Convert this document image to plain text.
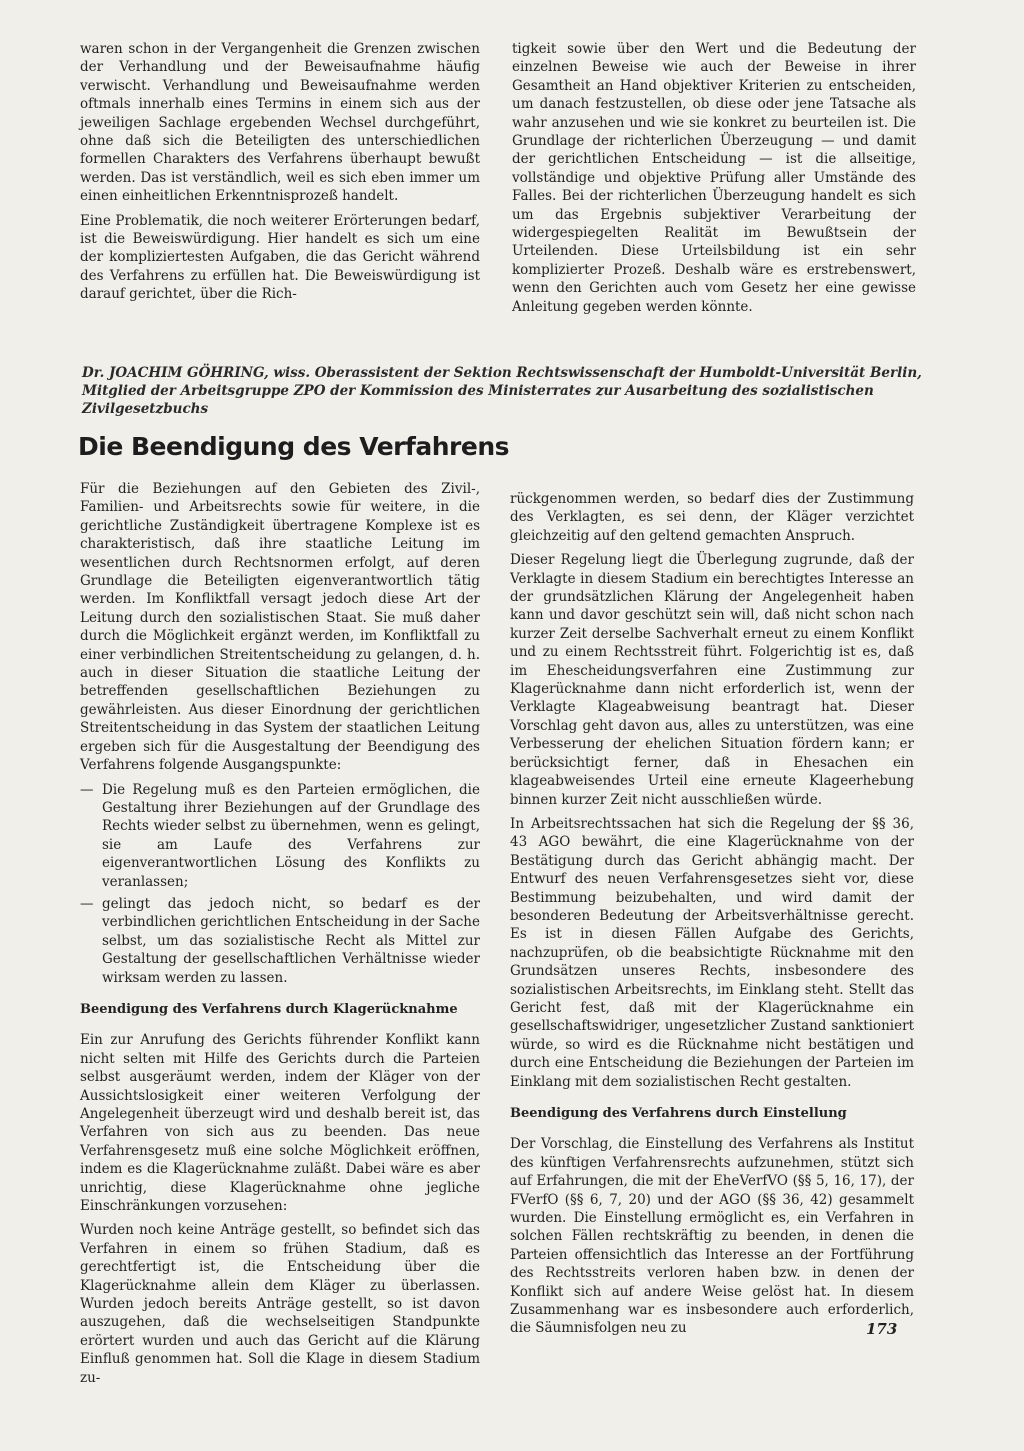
waren schon in der Vergangenheit die Grenzen zwischen der Verhandlung und der Beweisaufnahme häufig verwischt. Verhandlung und Beweisaufnahme werden oftmals innerhalb eines Termins in einem sich aus der jeweiligen Sachlage ergebenden Wechsel durchgeführt, ohne daß sich die Beteiligten des unterschiedlichen formellen Charakters des Verfahrens überhaupt bewußt werden. Das ist verständlich, weil es sich eben immer um einen einheitlichen Erkenntnisprozeß handelt.

Eine Problematik, die noch weiterer Erörterungen bedarf, ist die Beweiswürdigung. Hier handelt es sich um eine der kompliziertesten Aufgaben, die das Gericht während des Verfahrens zu erfüllen hat. Die Beweiswürdigung ist darauf gerichtet, über die Rich-

tigkeit sowie über den Wert und die Bedeutung der einzelnen Beweise wie auch der Beweise in ihrer Gesamtheit an Hand objektiver Kriterien zu entscheiden, um danach festzustellen, ob diese oder jene Tatsache als wahr anzusehen und wie sie konkret zu beurteilen ist. Die Grundlage der richterlichen Überzeugung — und damit der gerichtlichen Entscheidung — ist die allseitige, vollständige und objektive Prüfung aller Umstände des Falles. Bei der richterlichen Überzeugung handelt es sich um das Ergebnis subjektiver Verarbeitung der widergespiegelten Realität im Bewußtsein der Urteilenden. Diese Urteilsbildung ist ein sehr komplizierter Prozeß. Deshalb wäre es erstrebenswert, wenn den Gerichten auch vom Gesetz her eine gewisse Anleitung gegeben werden könnte.

Dr. JOACHIM GÖHRING, wiss. Oberassistent der Sektion Rechtswissenschaft der Humboldt-Universität Berlin, Mitglied der Arbeitsgruppe ZPO der Kommission des Ministerrates zur Ausarbeitung des sozialistischen Zivilgesetzbuchs
Die Beendigung des Verfahrens

Für die Beziehungen auf den Gebieten des Zivil-, Familien- und Arbeitsrechts sowie für weitere, in die gerichtliche Zuständigkeit übertragene Komplexe ist es charakteristisch, daß ihre staatliche Leitung im wesentlichen durch Rechtsnormen erfolgt, auf deren Grundlage die Beteiligten eigenverantwortlich tätig werden. Im Konfliktfall versagt jedoch diese Art der Leitung durch den sozialistischen Staat. Sie muß daher durch die Möglichkeit ergänzt werden, im Konfliktfall zu einer verbindlichen Streitentscheidung zu gelangen, d. h. auch in dieser Situation die staatliche Leitung der betreffenden gesellschaftlichen Beziehungen zu gewährleisten. Aus dieser Einordnung der gerichtlichen Streitentscheidung in das System der staatlichen Leitung ergeben sich für die Ausgestaltung der Beendigung des Verfahrens folgende Ausgangspunkte:

— Die Regelung muß es den Parteien ermöglichen, die Gestaltung ihrer Beziehungen auf der Grundlage des Rechts wieder selbst zu übernehmen, wenn es gelingt, sie am Laufe des Verfahrens zur eigenverantwortlichen Lösung des Konflikts zu veranlassen;
— gelingt das jedoch nicht, so bedarf es der verbindlichen gerichtlichen Entscheidung in der Sache selbst, um das sozialistische Recht als Mittel zur Gestaltung der gesellschaftlichen Verhältnisse wieder wirksam werden zu lassen.
Beendigung des Verfahrens durch Klagerücknahme

Ein zur Anrufung des Gerichts führender Konflikt kann nicht selten mit Hilfe des Gerichts durch die Parteien selbst ausgeräumt werden, indem der Kläger von der Aussichtslosigkeit einer weiteren Verfolgung der Angelegenheit überzeugt wird und deshalb bereit ist, das Verfahren von sich aus zu beenden. Das neue Verfahrensgesetz muß eine solche Möglichkeit eröffnen, indem es die Klagerücknahme zuläßt. Dabei wäre es aber unrichtig, diese Klagerücknahme ohne jegliche Einschränkungen vorzusehen:

Wurden noch keine Anträge gestellt, so befindet sich das Verfahren in einem so frühen Stadium, daß es gerechtfertigt ist, die Entscheidung über die Klagerücknahme allein dem Kläger zu überlassen. Wurden jedoch bereits Anträge gestellt, so ist davon auszugehen, daß die wechselseitigen Standpunkte erörtert wurden und auch das Gericht auf die Klärung Einfluß genommen hat. Soll die Klage in diesem Stadium zu-

rückgenommen werden, so bedarf dies der Zustimmung des Verklagten, es sei denn, der Kläger verzichtet gleichzeitig auf den geltend gemachten Anspruch.

Dieser Regelung liegt die Überlegung zugrunde, daß der Verklagte in diesem Stadium ein berechtigtes Interesse an der grundsätzlichen Klärung der Angelegenheit haben kann und davor geschützt sein will, daß nicht schon nach kurzer Zeit derselbe Sachverhalt erneut zu einem Konflikt und zu einem Rechtsstreit führt. Folgerichtig ist es, daß im Ehescheidungsverfahren eine Zustimmung zur Klagerücknahme dann nicht erforderlich ist, wenn der Verklagte Klageabweisung beantragt hat. Dieser Vorschlag geht davon aus, alles zu unterstützen, was eine Verbesserung der ehelichen Situation fördern kann; er berücksichtigt ferner, daß in Ehesachen ein klageabweisendes Urteil eine erneute Klageerhebung binnen kurzer Zeit nicht ausschließen würde.

In Arbeitsrechtssachen hat sich die Regelung der §§ 36, 43 AGO bewährt, die eine Klagerücknahme von der Bestätigung durch das Gericht abhängig macht. Der Entwurf des neuen Verfahrensgesetzes sieht vor, diese Bestimmung beizubehalten, und wird damit der besonderen Bedeutung der Arbeitsverhältnisse gerecht. Es ist in diesen Fällen Aufgabe des Gerichts, nachzuprüfen, ob die beabsichtigte Rücknahme mit den Grundsätzen unseres Rechts, insbesondere des sozialistischen Arbeitsrechts, im Einklang steht. Stellt das Gericht fest, daß mit der Klagerücknahme ein gesellschaftswidriger, ungesetzlicher Zustand sanktioniert würde, so wird es die Rücknahme nicht bestätigen und durch eine Entscheidung die Beziehungen der Parteien im Einklang mit dem sozialistischen Recht gestalten.

Beendigung des Verfahrens durch Einstellung

Der Vorschlag, die Einstellung des Verfahrens als Institut des künftigen Verfahrensrechts aufzunehmen, stützt sich auf Erfahrungen, die mit der EheVerfVO (§§ 5, 16, 17), der FVerfO (§§ 6, 7, 20) und der AGO (§§ 36, 42) gesammelt wurden. Die Einstellung ermöglicht es, ein Verfahren in solchen Fällen rechtskräftig zu beenden, in denen die Parteien offensichtlich das Interesse an der Fortführung des Rechtsstreits verloren haben bzw. in denen der Konflikt sich auf andere Weise gelöst hat. In diesem Zusammenhang war es insbesondere auch erforderlich, die Säumnisfolgen neu zu	173
